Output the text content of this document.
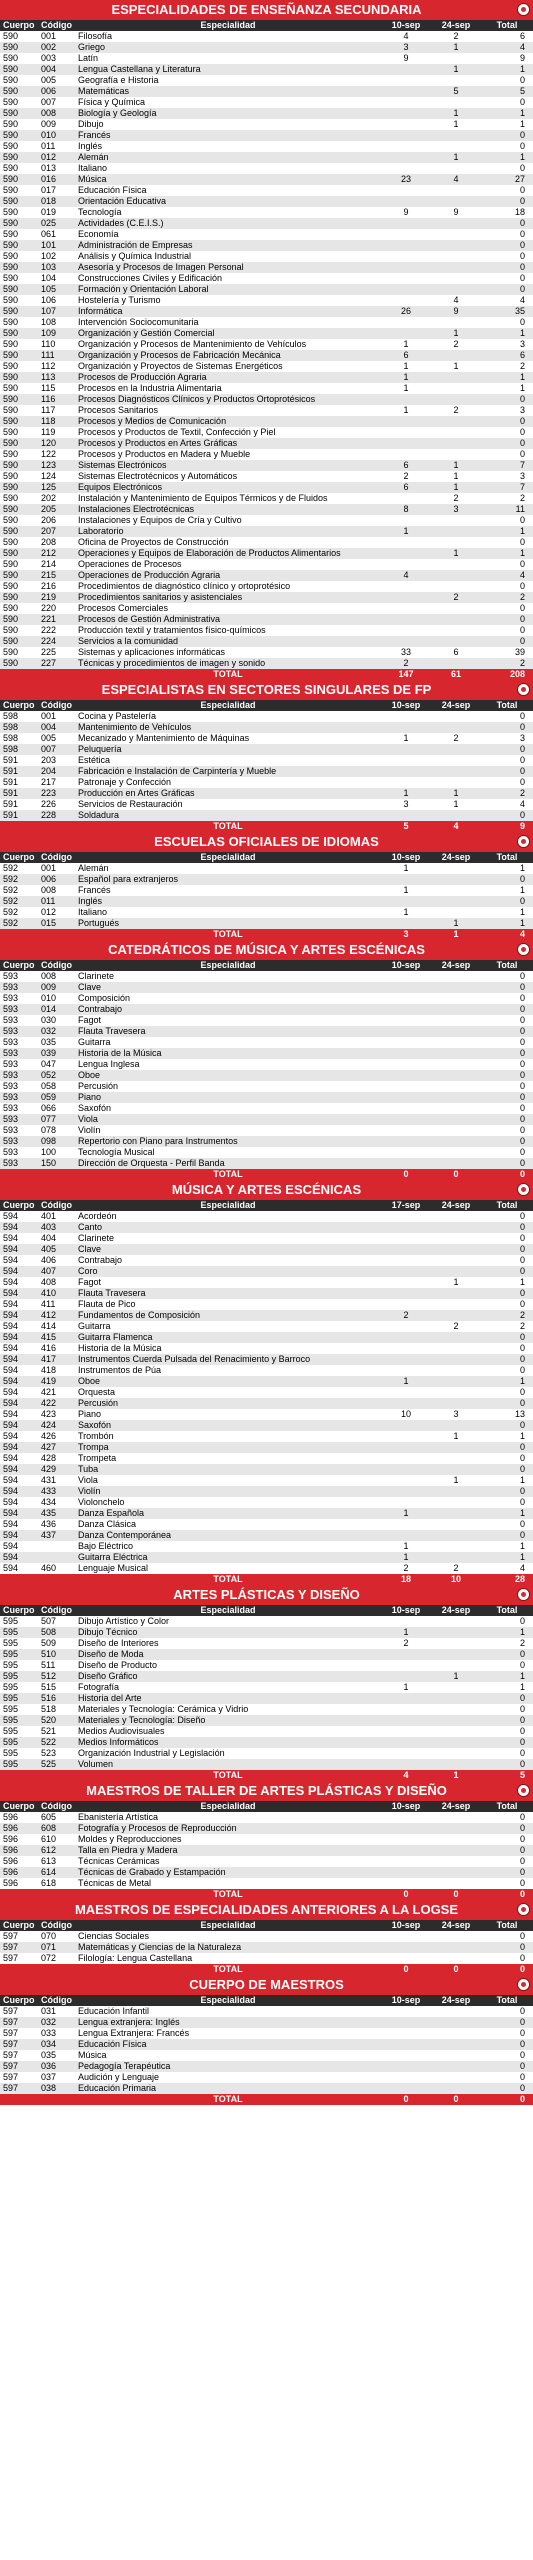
ESPECIALIDADES DE ENSEÑANZA SECUNDARIA
Cuerpo	Código	Especialidad	10-sep	24-sep	Total
590	001	Filosofía	4	2	6
590	002	Griego	3	1	4
590	003	Latín	9		9
590	004	Lengua Castellana y Literatura		1	1
590	005	Geografía e Historia			0
590	006	Matemáticas		5	5
590	007	Física y Química			0
590	008	Biología y Geología		1	1
590	009	Dibujo		1	1
590	010	Francés			0
590	011	Inglés			0
590	012	Alemán		1	1
590	013	Italiano			0
590	016	Música	23	4	27
590	017	Educación Física			0
590	018	Orientación Educativa			0
590	019	Tecnología	9	9	18
590	025	Actividades (C.E.I.S.)			0
590	061	Economía			0
590	101	Administración de Empresas			0
590	102	Análisis y Química Industrial			0
590	103	Asesoría y Procesos de Imagen Personal			0
590	104	Construcciones Civiles y Edificación			0
590	105	Formación y Orientación Laboral			0
590	106	Hostelería y Turismo		4	4
590	107	Informática	26	9	35
590	108	Intervención Sociocomunitaria			0
590	109	Organización y Gestión Comercial		1	1
590	110	Organización y Procesos de Mantenimiento de Vehículos	1	2	3
590	111	Organización y Procesos de Fabricación Mecánica	6		6
590	112	Organización y Proyectos de Sistemas Energéticos	1	1	2
590	113	Procesos de Producción Agraria	1		1
590	115	Procesos en la Industria Alimentaria	1		1
590	116	Procesos Diagnósticos Clínicos y Productos Ortoprotésicos			0
590	117	Procesos Sanitarios	1	2	3
590	118	Procesos y Medios de Comunicación			0
590	119	Procesos y Productos de Textil, Confección y Piel			0
590	120	Procesos y Productos en Artes Gráficas			0
590	122	Procesos y Productos en Madera y Mueble			0
590	123	Sistemas Electrónicos	6	1	7
590	124	Sistemas Electrotécnicos y Automáticos	2	1	3
590	125	Equipos Electrónicos	6	1	7
590	202	Instalación y Mantenimiento de Equipos Térmicos y de Fluidos		2	2
590	205	Instalaciones Electrotécnicas	8	3	11
590	206	Instalaciones y Equipos de Cría y Cultivo			0
590	207	Laboratorio	1		1
590	208	Oficina de Proyectos de Construcción			0
590	212	Operaciones y Equipos de Elaboración de Productos Alimentarios		1	1
590	214	Operaciones de Procesos			0
590	215	Operaciones de Producción Agraria	4		4
590	216	Procedimientos de diagnóstico clínico y ortoprotésico			0
590	219	Procedimientos sanitarios y asistenciales		2	2
590	220	Procesos Comerciales			0
590	221	Procesos de Gestión Administrativa			0
590	222	Producción textil y tratamientos físico-químicos			0
590	224	Servicios a la comunidad			0
590	225	Sistemas y aplicaciones informáticas	33	6	39
590	227	Técnicas y procedimientos de imagen y sonido	2		2
		TOTAL	147	61	208
ESPECIALISTAS EN SECTORES SINGULARES DE FP
Cuerpo	Código	Especialidad	10-sep	24-sep	Total
598	001	Cocina y Pastelería			0
598	004	Mantenimiento de Vehículos			0
598	005	Mecanizado y Mantenimiento de Máquinas	1	2	3
598	007	Peluquería			0
591	203	Estética			0
591	204	Fabricación e Instalación de Carpintería y Mueble			0
591	217	Patronaje y Confección			0
591	223	Producción en Artes Gráficas	1	1	2
591	226	Servicios de Restauración	3	1	4
591	228	Soldadura			0
		TOTAL	5	4	9
ESCUELAS OFICIALES DE IDIOMAS
Cuerpo	Código	Especialidad	10-sep	24-sep	Total
592	001	Alemán	1		1
592	006	Español para extranjeros			0
592	008	Francés	1		1
592	011	Inglés			0
592	012	Italiano	1		1
592	015	Portugués		1	1
		TOTAL	3	1	4
CATEDRÁTICOS DE MÚSICA Y ARTES ESCÉNICAS
Cuerpo	Código	Especialidad	10-sep	24-sep	Total
593	008	Clarinete			0
593	009	Clave			0
593	010	Composición			0
593	014	Contrabajo			0
593	030	Fagot			0
593	032	Flauta Travesera			0
593	035	Guitarra			0
593	039	Historia de la Música			0
593	047	Lengua Inglesa			0
593	052	Oboe			0
593	058	Percusión			0
593	059	Piano			0
593	066	Saxofón			0
593	077	Viola			0
593	078	Violín			0
593	098	Repertorio con Piano para Instrumentos			0
593	100	Tecnología Musical			0
593	150	Dirección de Orquesta - Perfil Banda			0
		TOTAL	0	0	0
MÚSICA Y ARTES ESCÉNICAS
Cuerpo	Código	Especialidad	17-sep	24-sep	Total
594	401	Acordeón			0
594	403	Canto			0
594	404	Clarinete			0
594	405	Clave			0
594	406	Contrabajo			0
594	407	Coro			0
594	408	Fagot		1	1
594	410	Flauta Travesera			0
594	411	Flauta de Pico			0
594	412	Fundamentos de Composición	2		2
594	414	Guitarra		2	2
594	415	Guitarra Flamenca			0
594	416	Historia de la Música			0
594	417	Instrumentos Cuerda Pulsada del Renacimiento y Barroco			0
594	418	Instrumentos de Púa			0
594	419	Oboe	1		1
594	421	Orquesta			0
594	422	Percusión			0
594	423	Piano	10	3	13
594	424	Saxofón			0
594	426	Trombón		1	1
594	427	Trompa			0
594	428	Trompeta			0
594	429	Tuba			0
594	431	Viola		1	1
594	433	Violín			0
594	434	Violonchelo			0
594	435	Danza Española	1		1
594	436	Danza Clásica			0
594	437	Danza Contemporánea			0
594		Bajo Eléctrico	1		1
594		Guitarra Eléctrica	1		1
594	460	Lenguaje Musical	2	2	4
		TOTAL	18	10	28
ARTES PLÁSTICAS Y DISEÑO
Cuerpo	Código	Especialidad	10-sep	24-sep	Total
595	507	Dibujo Artístico y Color			0
595	508	Dibujo Técnico	1		1
595	509	Diseño de Interiores	2		2
595	510	Diseño de Moda			0
595	511	Diseño de Producto			0
595	512	Diseño Gráfico		1	1
595	515	Fotografía	1		1
595	516	Historia del Arte			0
595	518	Materiales y Tecnología: Cerámica y Vidrio			0
595	520	Materiales y Tecnología: Diseño			0
595	521	Medios Audiovisuales			0
595	522	Medios Informáticos			0
595	523	Organización Industrial y Legislación			0
595	525	Volumen			0
		TOTAL	4	1	5
MAESTROS DE TALLER DE ARTES PLÁSTICAS Y DISEÑO
Cuerpo	Código	Especialidad	10-sep	24-sep	Total
596	605	Ebanistería Artística			0
596	608	Fotografía y Procesos de Reproducción			0
596	610	Moldes y Reproducciones			0
596	612	Talla en Piedra y Madera			0
596	613	Técnicas Cerámicas			0
596	614	Técnicas de Grabado y Estampación			0
596	618	Técnicas de Metal			0
		TOTAL	0	0	0
MAESTROS DE ESPECIALIDADES ANTERIORES A LA LOGSE
Cuerpo	Código	Especialidad	10-sep	24-sep	Total
597	070	Ciencias Sociales			0
597	071	Matemáticas y Ciencias de la Naturaleza			0
597	072	Filología: Lengua Castellana			0
		TOTAL	0	0	0
CUERPO DE MAESTROS
Cuerpo	Código	Especialidad	10-sep	24-sep	Total
597	031	Educación Infantil			0
597	032	Lengua extranjera: Inglés			0
597	033	Lengua Extranjera: Francés			0
597	034	Educación Física			0
597	035	Música			0
597	036	Pedagogía Terapéutica			0
597	037	Audición y Lenguaje			0
597	038	Educación Primaria			0
		TOTAL	0	0	0
